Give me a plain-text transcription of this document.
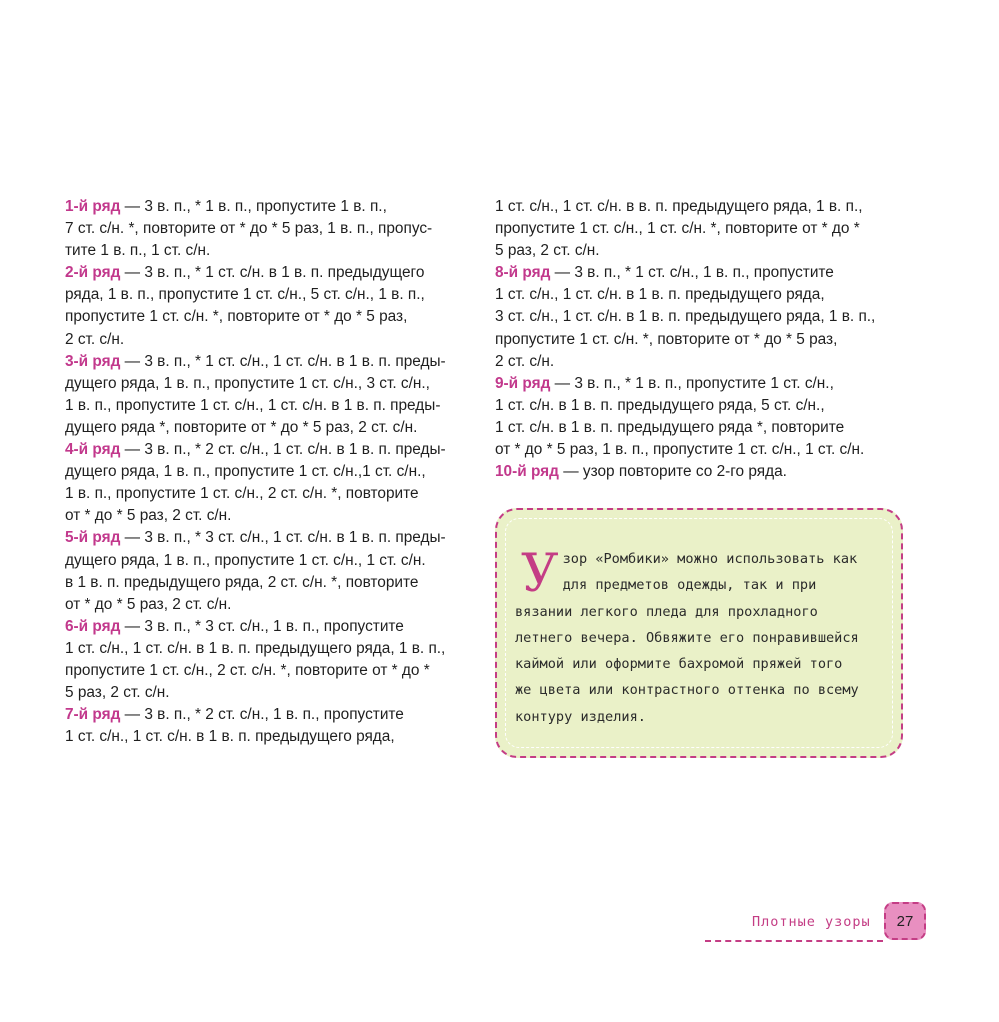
1-й ряд — 3 в. п., * 1 в. п., пропустите 1 в. п.,
7 ст. с/н. *, повторите от * до * 5 раз, 1 в. п., пропус-
тите 1 в. п., 1 ст. с/н.
2-й ряд — 3 в. п., * 1 ст. с/н. в 1 в. п. предыдущего
ряда, 1 в. п., пропустите 1 ст. с/н., 5 ст. с/н., 1 в. п.,
пропустите 1 ст. с/н. *, повторите от * до * 5 раз,
2 ст. с/н.
3-й ряд — 3 в. п., * 1 ст. с/н., 1 ст. с/н. в 1 в. п. преды-
дущего ряда, 1 в. п., пропустите 1 ст. с/н., 3 ст. с/н.,
1 в. п., пропустите 1 ст. с/н., 1 ст. с/н. в 1 в. п. преды-
дущего ряда *, повторите от * до * 5 раз, 2 ст. с/н.
4-й ряд — 3 в. п., * 2 ст. с/н., 1 ст. с/н. в 1 в. п. преды-
дущего ряда, 1 в. п., пропустите 1 ст. с/н.,1 ст. с/н.,
1 в. п., пропустите 1 ст. с/н., 2 ст. с/н. *, повторите
от * до * 5 раз, 2 ст. с/н.
5-й ряд — 3 в. п., * 3 ст. с/н., 1 ст. с/н. в 1 в. п. преды-
дущего ряда, 1 в. п., пропустите 1 ст. с/н., 1 ст. с/н.
в 1 в. п. предыдущего ряда, 2 ст. с/н. *, повторите
от * до * 5 раз, 2 ст. с/н.
6-й ряд — 3 в. п., * 3 ст. с/н., 1 в. п., пропустите
1 ст. с/н., 1 ст. с/н. в 1 в. п. предыдущего ряда, 1 в. п.,
пропустите 1 ст. с/н., 2 ст. с/н. *, повторите от * до *
5 раз, 2 ст. с/н.
7-й ряд — 3 в. п., * 2 ст. с/н., 1 в. п., пропустите
1 ст. с/н., 1 ст. с/н. в 1 в. п. предыдущего ряда,
1 ст. с/н., 1 ст. с/н. в в. п. предыдущего ряда, 1 в. п.,
пропустите 1 ст. с/н., 1 ст. с/н. *, повторите от * до *
5 раз, 2 ст. с/н.
8-й ряд — 3 в. п., * 1 ст. с/н., 1 в. п., пропустите
1 ст. с/н., 1 ст. с/н. в 1 в. п. предыдущего ряда,
3 ст. с/н., 1 ст. с/н. в 1 в. п. предыдущего ряда, 1 в. п.,
пропустите 1 ст. с/н. *, повторите от * до * 5 раз,
2 ст. с/н.
9-й ряд — 3 в. п., * 1 в. п., пропустите 1 ст. с/н.,
1 ст. с/н. в 1 в. п. предыдущего ряда, 5 ст. с/н.,
1 ст. с/н. в 1 в. п. предыдущего ряда *, повторите
от * до * 5 раз, 1 в. п., пропустите 1 ст. с/н., 1 ст. с/н.
10-й ряд — узор повторите со 2-го ряда.
У зор «Ромбики» можно использовать как
для предметов одежды, так и при
вязании легкого пледа для прохладного
летнего вечера. Обвяжите его понравившейся
каймой или оформите бахромой пряжей того
же цвета или контрастного оттенка по всему
контуру изделия.
Плотные узоры 27
